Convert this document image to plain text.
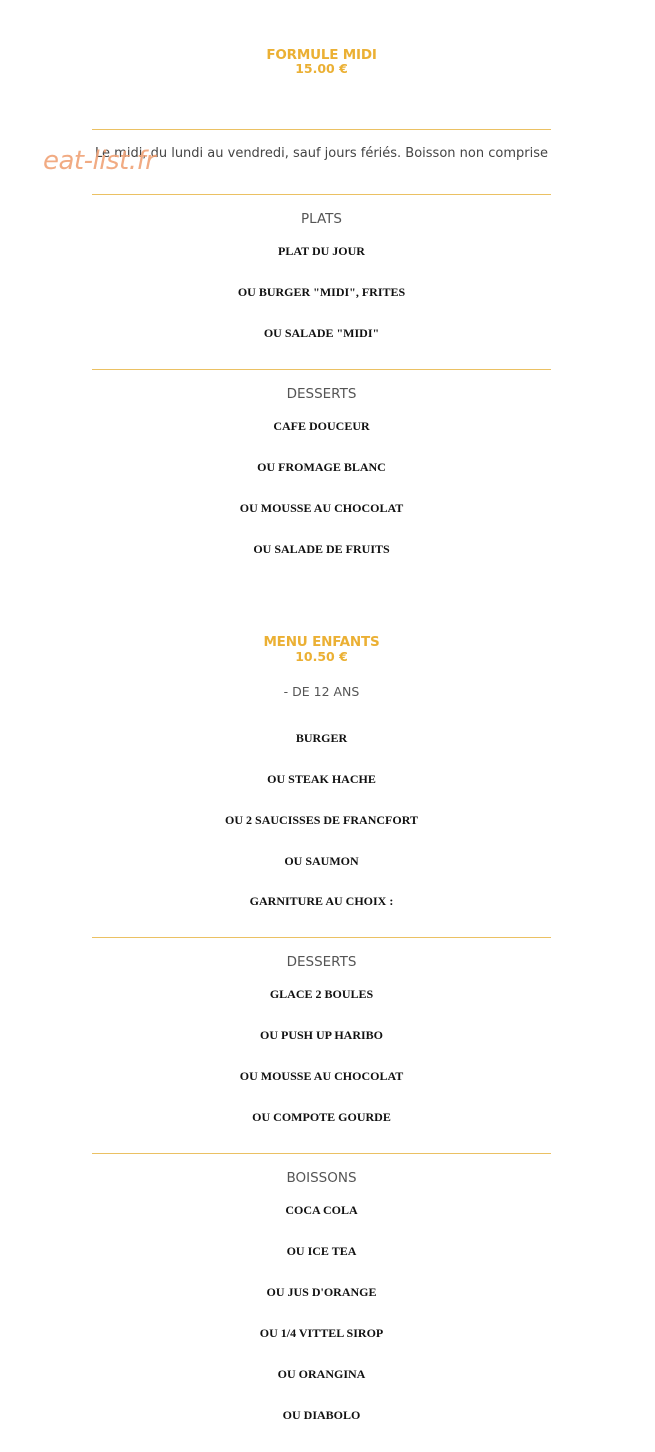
FORMULE MIDI
15.00 €
Le midi, du lundi au vendredi, sauf jours fériés. Boisson non comprise
PLATS
PLAT DU JOUR
OU BURGER "MIDI", FRITES
OU SALADE "MIDI"
DESSERTS
CAFE DOUCEUR
OU FROMAGE BLANC
OU MOUSSE AU CHOCOLAT
OU SALADE DE FRUITS
MENU ENFANTS
10.50 €
- DE 12 ANS
BURGER
OU STEAK HACHE
OU 2 SAUCISSES DE FRANCFORT
OU SAUMON
GARNITURE AU CHOIX :
DESSERTS
GLACE 2 BOULES
OU PUSH UP HARIBO
OU MOUSSE AU CHOCOLAT
OU COMPOTE GOURDE
BOISSONS
COCA COLA
OU ICE TEA
OU JUS D'ORANGE
OU 1/4 VITTEL SIROP
OU ORANGINA
OU DIABOLO
eat-list.fr
